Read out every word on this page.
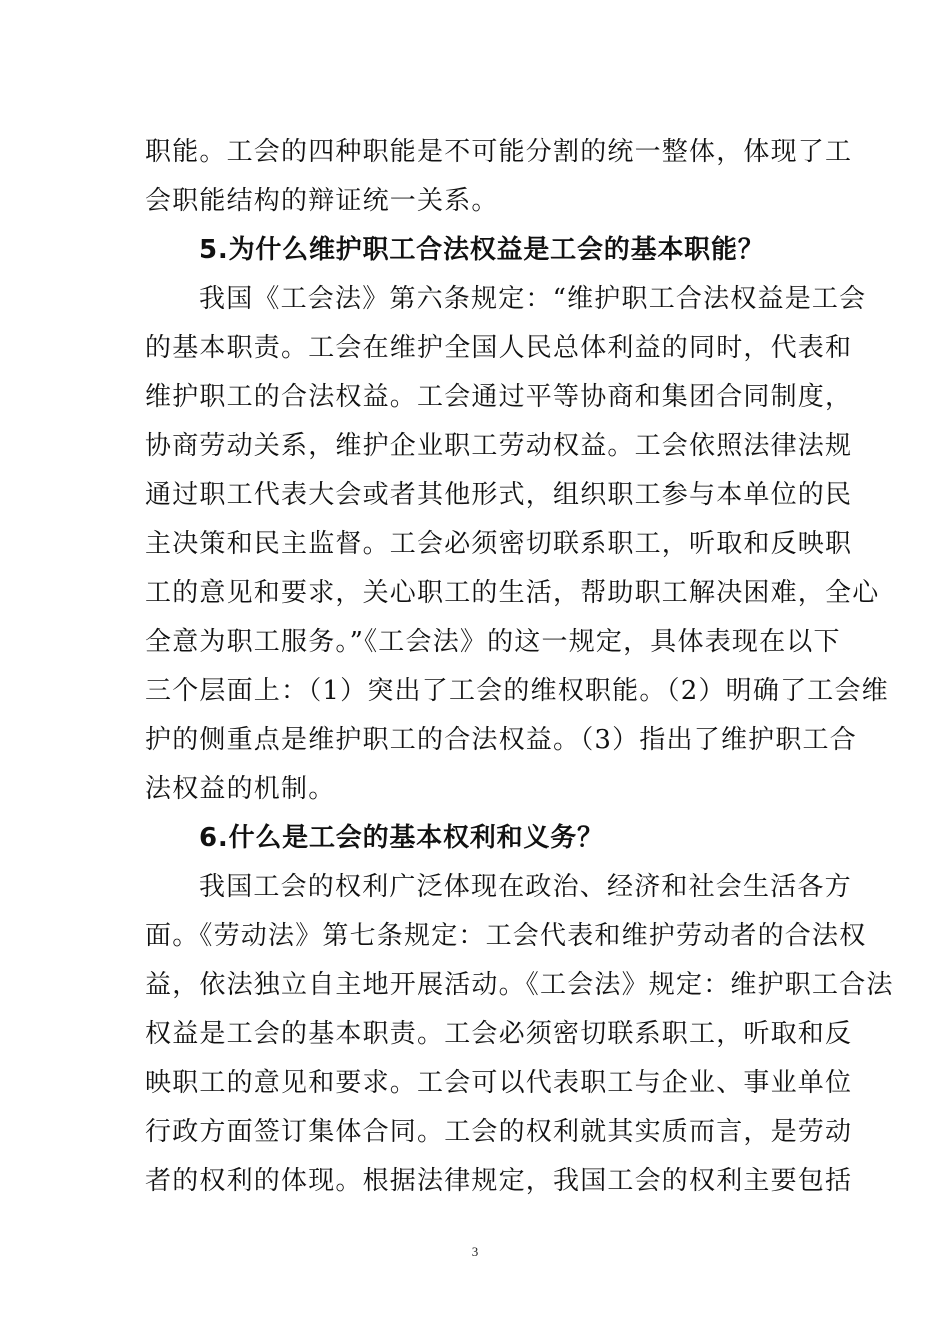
职能。工会的四种职能是不可能分割的统一整体，体现了工
会职能结构的辩证统一关系。
5.为什么维护职工合法权益是工会的基本职能？
我国《工会法》第六条规定：“维护职工合法权益是工会
的基本职责。工会在维护全国人民总体利益的同时，代表和
维护职工的合法权益。工会通过平等协商和集团合同制度，
协商劳动关系，维护企业职工劳动权益。工会依照法律法规
通过职工代表大会或者其他形式，组织职工参与本单位的民
主决策和民主监督。工会必须密切联系职工，听取和反映职
工的意见和要求，关心职工的生活，帮助职工解决困难，全心
全意为职工服务。”《工会法》的这一规定，具体表现在以下
三个层面上：（1）突出了工会的维权职能。（2）明确了工会维
护的侧重点是维护职工的合法权益。（3）指出了维护职工合
法权益的机制。
6.什么是工会的基本权利和义务？
我国工会的权利广泛体现在政治、经济和社会生活各方
面。《劳动法》第七条规定：工会代表和维护劳动者的合法权
益，依法独立自主地开展活动。《工会法》规定：维护职工合法
权益是工会的基本职责。工会必须密切联系职工，听取和反
映职工的意见和要求。工会可以代表职工与企业、事业单位
行政方面签订集体合同。工会的权利就其实质而言，是劳动
者的权利的体现。根据法律规定，我国工会的权利主要包括
3
